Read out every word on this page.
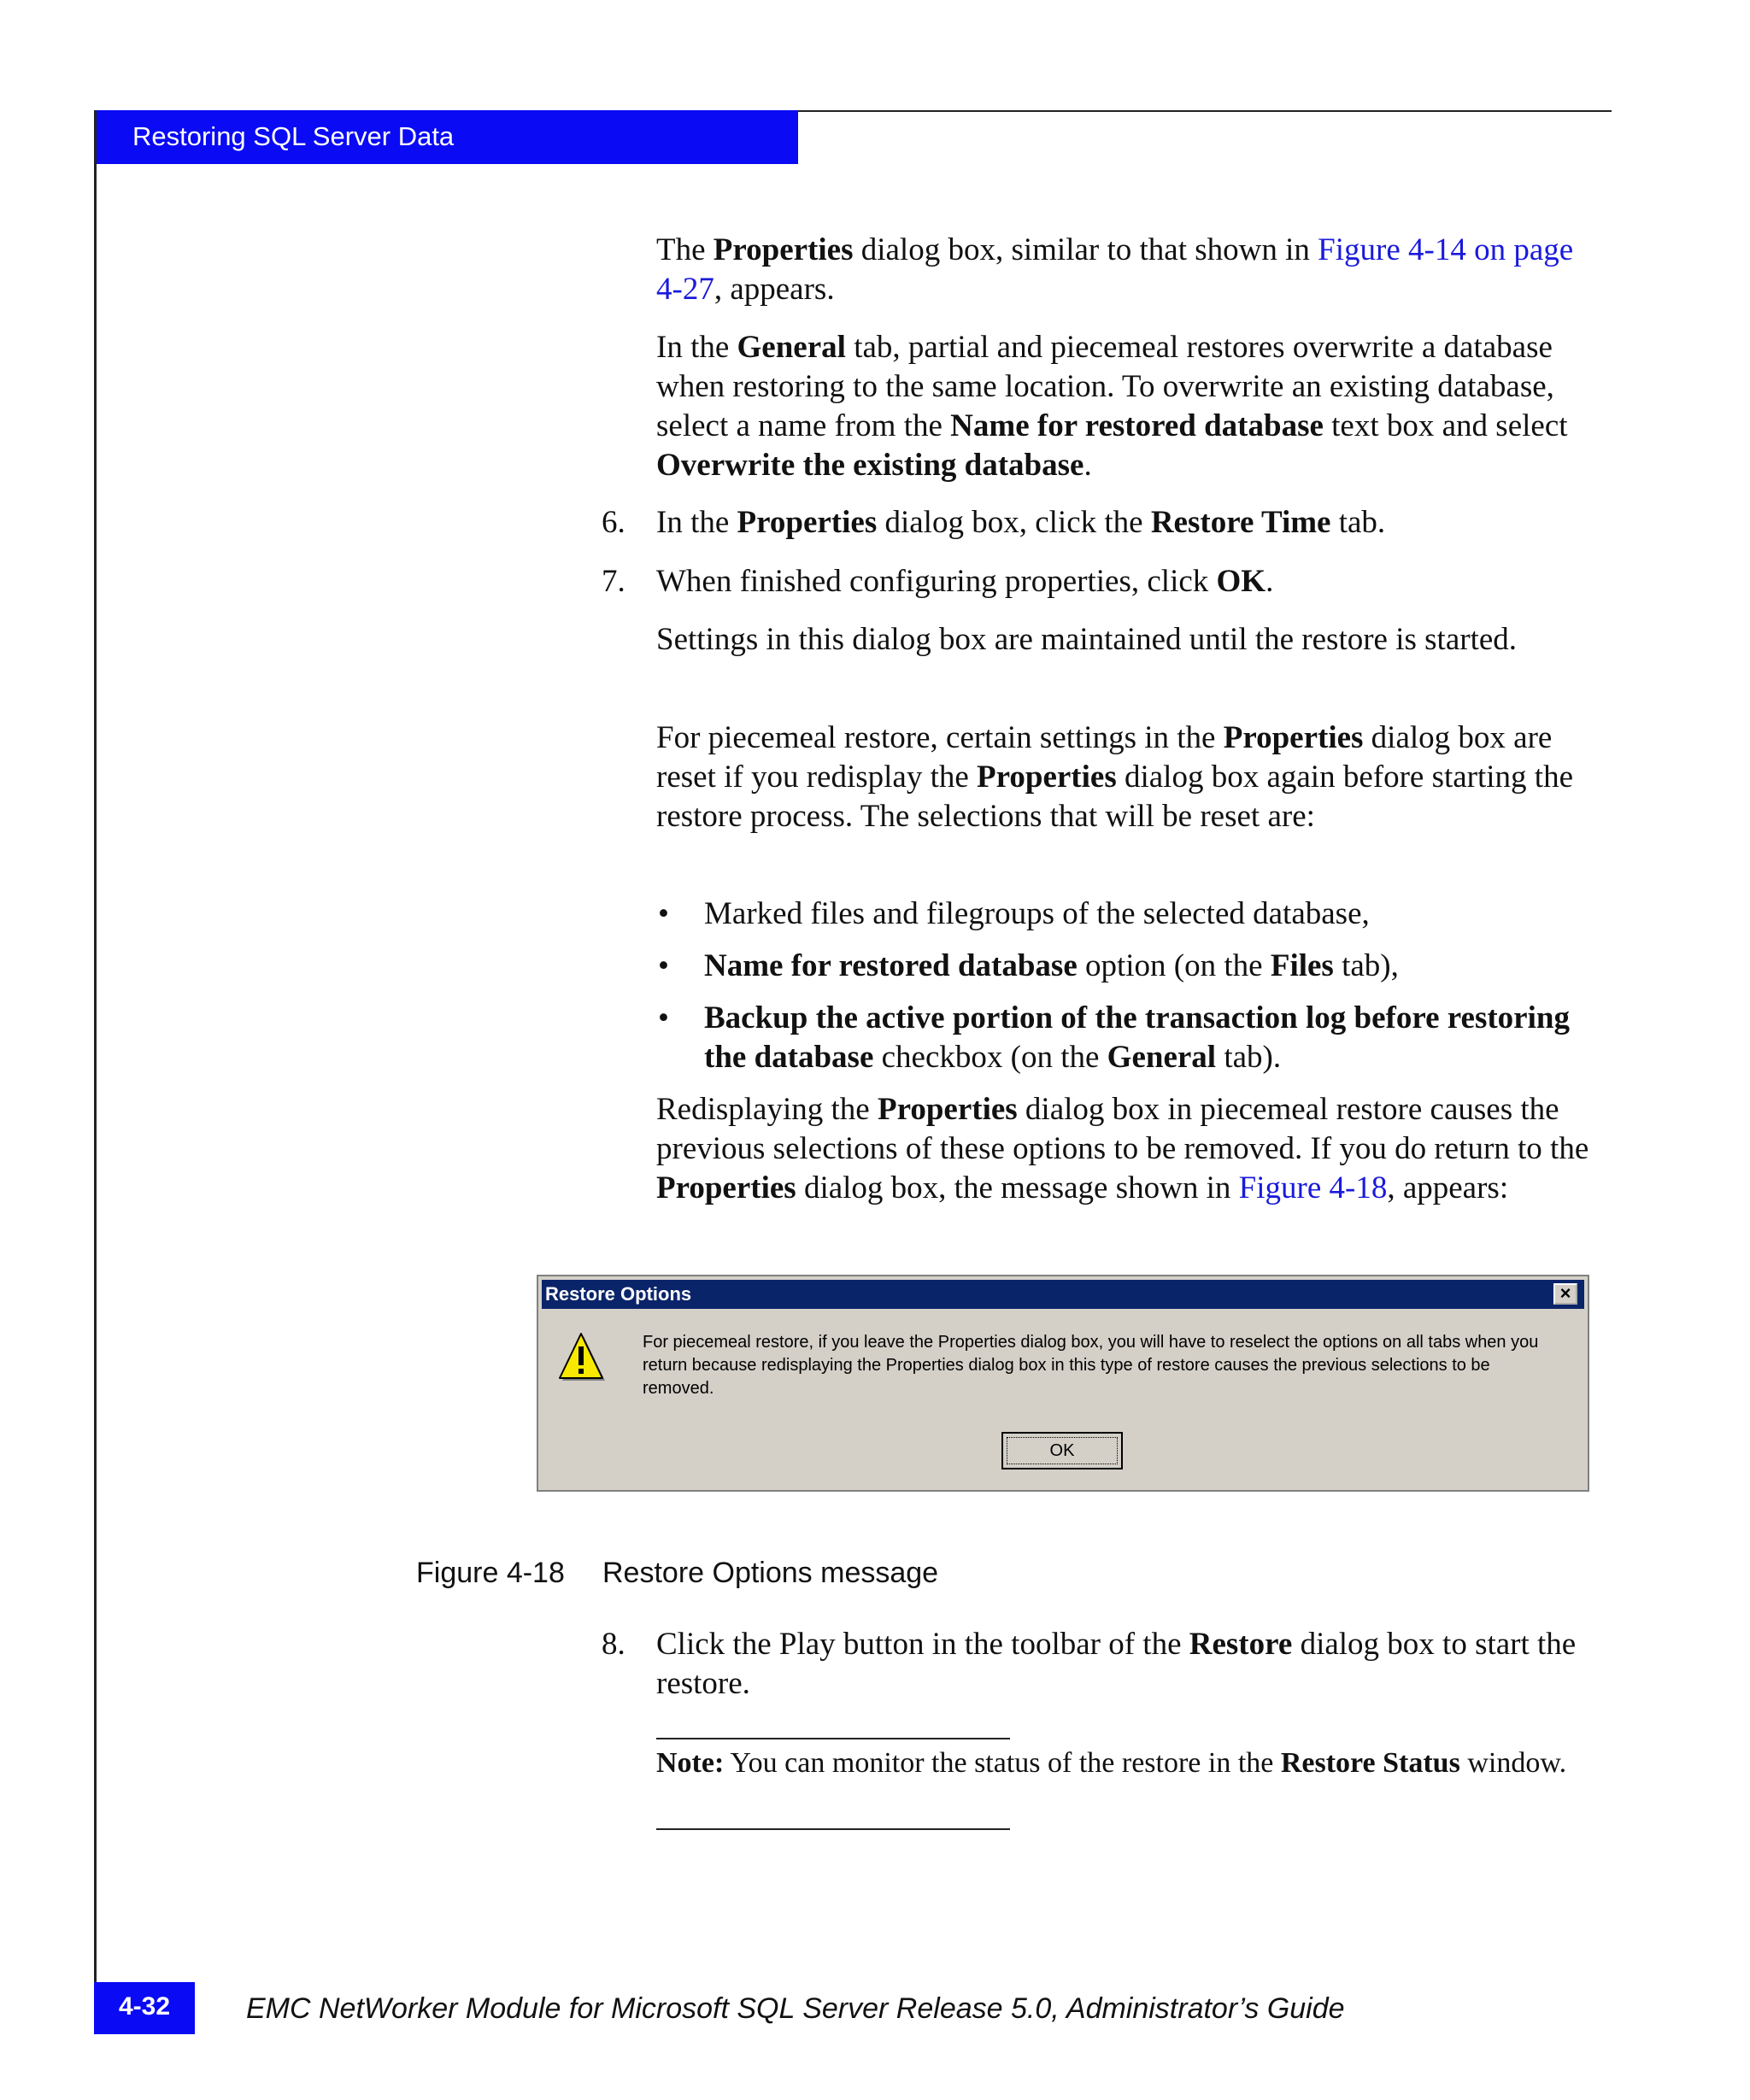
Restoring SQL Server Data

The Properties dialog box, similar to that shown in Figure 4-14 on page 4-27, appears.

In the General tab, partial and piecemeal restores overwrite a database when restoring to the same location. To overwrite an existing database, select a name from the Name for restored database text box and select Overwrite the existing database.

6. In the Properties dialog box, click the Restore Time tab.

7. When finished configuring properties, click OK.

Settings in this dialog box are maintained until the restore is started.

For piecemeal restore, certain settings in the Properties dialog box are reset if you redisplay the Properties dialog box again before starting the restore process. The selections that will be reset are:

• Marked files and filegroups of the selected database,

• Name for restored database option (on the Files tab),

• Backup the active portion of the transaction log before restoring the database checkbox (on the General tab).

Redisplaying the Properties dialog box in piecemeal restore causes the previous selections of these options to be removed. If you do return to the Properties dialog box, the message shown in Figure 4-18, appears:

Restore Options	×
For piecemeal restore, if you leave the Properties dialog box, you will have to reselect the options on all tabs when you return because redisplaying the Properties dialog box in this type of restore causes the previous selections to be removed.
OK
Figure 4-18 Restore Options message
8. Click the Play button in the toolbar of the Restore dialog box to start the restore.

Note: You can monitor the status of the restore in the Restore Status window.

4-32	EMC NetWorker Module for Microsoft SQL Server Release 5.0, Administrator’s Guide
